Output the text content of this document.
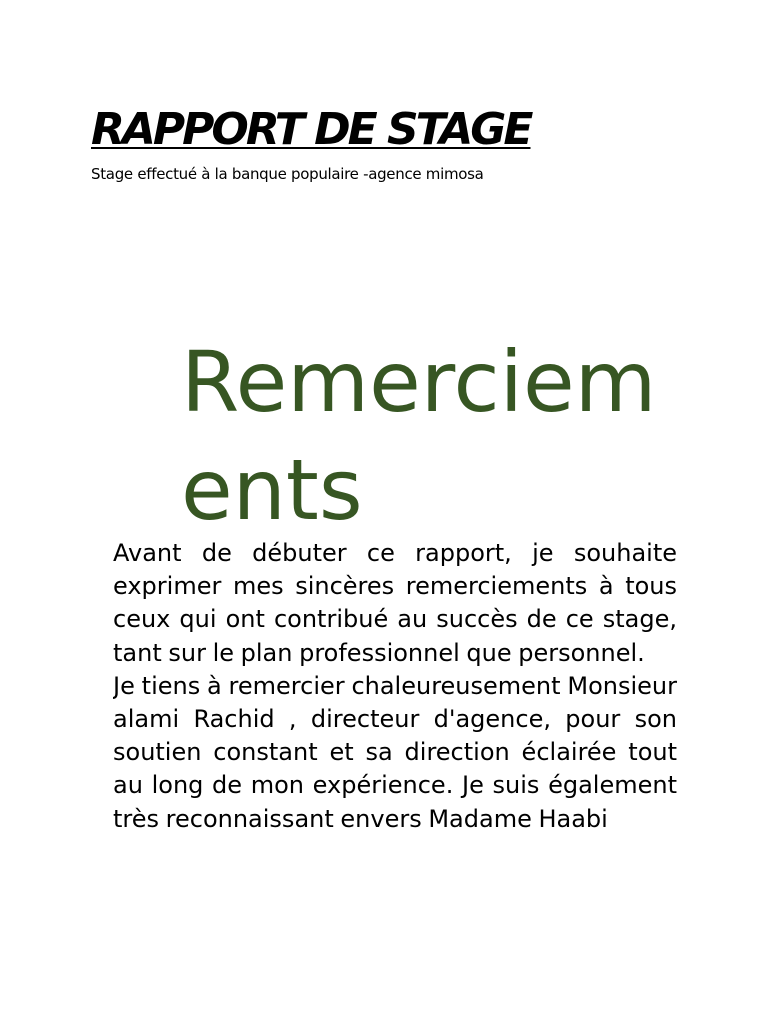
RAPPORT DE STAGE
Stage effectué à la banque populaire -agence mimosa
Remerciements

Avant de débuter ce rapport, je souhaite exprimer mes sincères remerciements à tous ceux qui ont contribué au succès de ce stage, tant sur le plan professionnel que personnel.

Je tiens à remercier chaleureusement Monsieur alami Rachid , directeur d'agence, pour son soutien constant et sa direction éclairée tout au long de mon expérience. Je suis également très reconnaissant envers Madame Haabi
